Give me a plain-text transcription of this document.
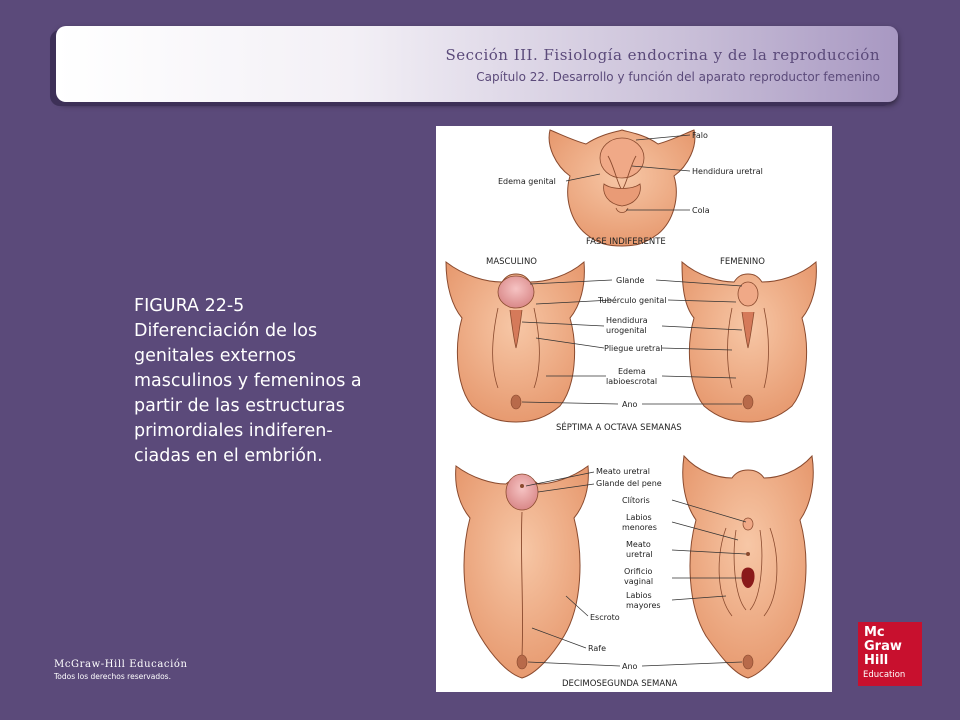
Sección III. Fisiología endocrina y de la reproducción
Capítulo 22. Desarrollo y función del aparato reproductor femenino
FIGURA 22-5
Diferenciación de los
genitales externos
masculinos y femeninos a
partir de las estructuras
primordiales indiferen-
ciadas en el embrión.
Falo
Hendidura uretral
Edema genital
Cola
FASE INDIFERENTE
MASCULINO	FEMENINO
Glande
Tubérculo genital
Hendidura
urogenital
Pliegue uretral
Edema
labioescrotal
Ano
SÉPTIMA A OCTAVA SEMANAS
Meato uretral
Glande del pene
Clítoris
Labios
menores
Meato
uretral
Orificio
vaginal
Labios
mayores
Escroto
Rafe
Ano
DECIMOSEGUNDA SEMANA
McGraw-Hill Educación
Todos los derechos reservados.
Mc
Graw
Hill
Education
